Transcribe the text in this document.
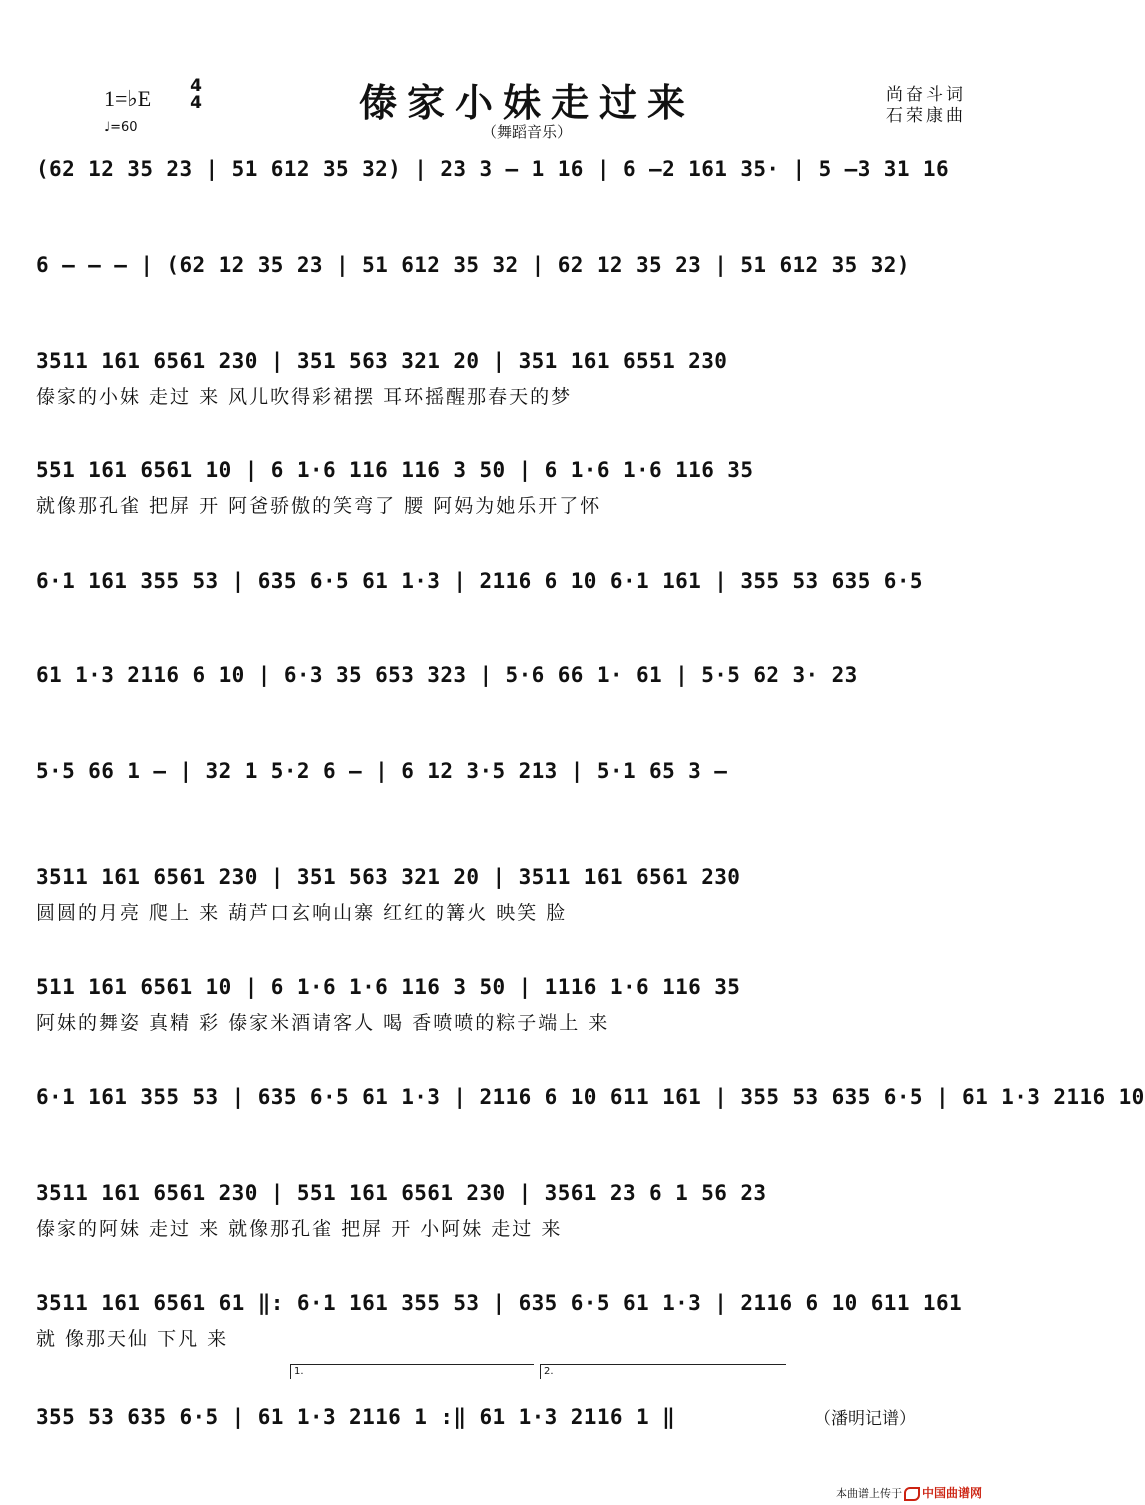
1=♭E 4
4
♩=60
傣家小妹走过来
（舞蹈音乐）
尚奋斗词
石荣康曲
(62 12 35 23 | 51 612 35 32) | 23 3 – 1 16 | 6 –2 161 35· | 5 –3 31 16
6 – – – | (62 12 35 23 | 51 612 35 32 | 62 12 35 23 | 51 612 35 32)
3511 161 6561 230 | 351 563 321 20 | 351 161 6551 230
傣家的小妹 走过 来 风儿吹得彩裙摆 耳环摇醒那春天的梦
551 161 6561 10 | 6 1·6 116 116 3 50 | 6 1·6 1·6 116 35
就像那孔雀 把屏 开 阿爸骄傲的笑弯了 腰 阿妈为她乐开了怀
6·1 161 355 53 | 635 6·5 61 1·3 | 2116 6 10 6·1 161 | 355 53 635 6·5
61 1·3 2116 6 10 | 6·3 35 653 323 | 5·6 66 1· 61 | 5·5 62 3· 23
5·5 66 1 – | 32 1 5·2 6 – | 6 12 3·5 213 | 5·1 65 3 –
3511 161 6561 230 | 351 563 321 20 | 3511 161 6561 230
圆圆的月亮 爬上 来 葫芦口玄响山寨 红红的篝火 映笑 脸
511 161 6561 10 | 6 1·6 1·6 116 3 50 | 1116 1·6 116 35
阿妹的舞姿 真精 彩 傣家米酒请客人 喝 香喷喷的粽子端上 来
6·1 161 355 53 | 635 6·5 61 1·3 | 2116 6 10 611 161 | 355 53 635 6·5 | 61 1·3 2116 10
3511 161 6561 230 | 551 161 6561 230 | 3561 23 6 1 56 23
傣家的阿妹 走过 来 就像那孔雀 把屏 开 小阿妹 走过 来
3511 161 6561 61 ‖: 6·1 161 355 53 | 635 6·5 61 1·3 | 2116 6 10 611 161
就 像那天仙 下凡 来
1.	2.
355 53 635 6·5 | 61 1·3 2116 1 :‖ 61 1·3 2116 1 ‖	（潘明记谱）
本曲谱上传于 中国曲谱网
